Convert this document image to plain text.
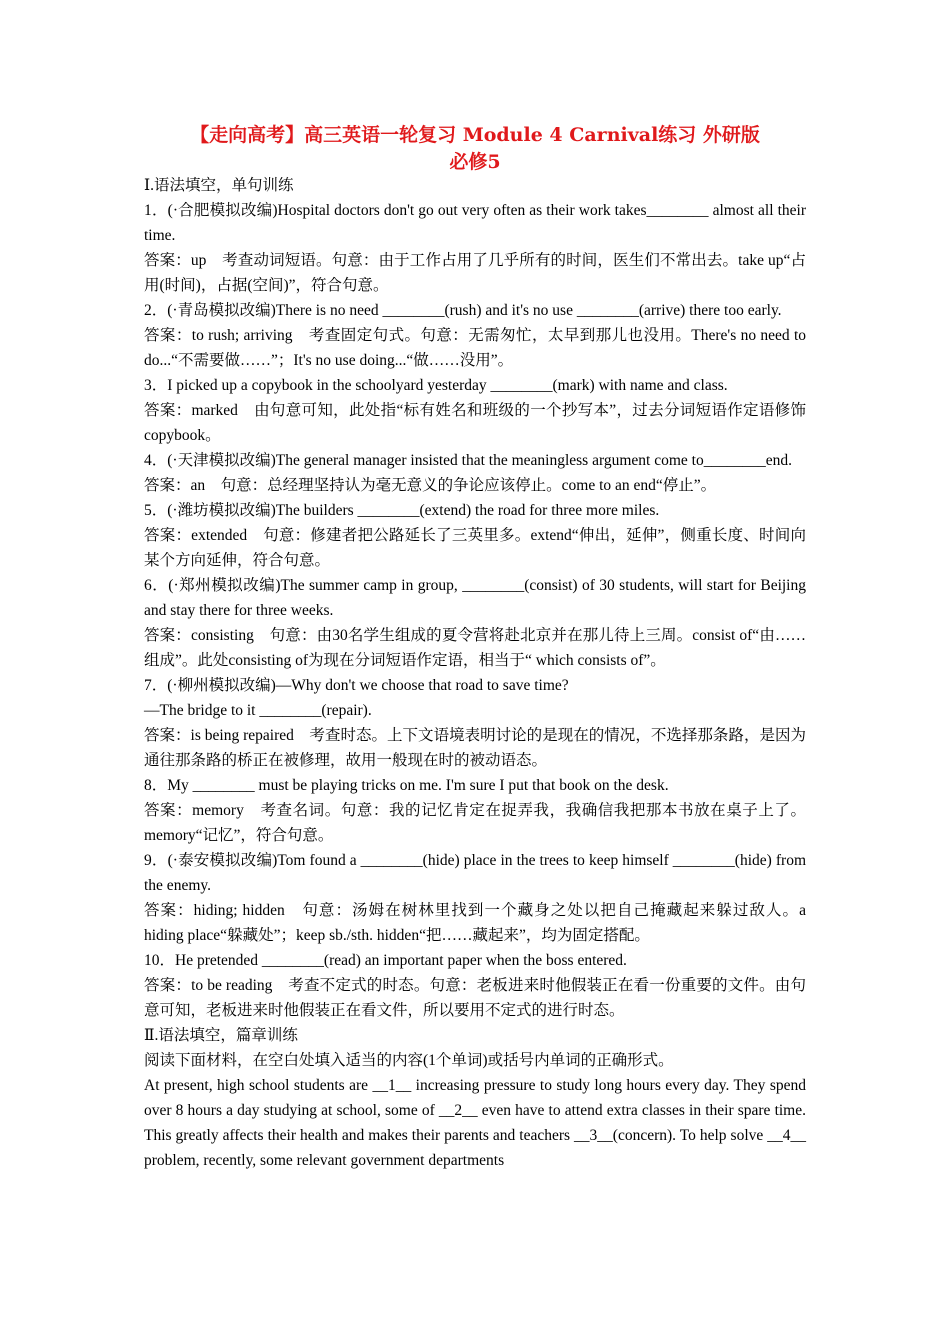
【走向高考】高三英语一轮复习 Module 4 Carnival练习 外研版
必修5

Ⅰ.语法填空，单句训练

1．(·合肥模拟改编)Hospital doctors don't go out very often as their work takes________ almost all their time.

答案：up　考查动词短语。句意：由于工作占用了几乎所有的时间，医生们不常出去。take up“占用(时间)，占据(空间)”，符合句意。

2．(·青岛模拟改编)There is no need ________(rush) and it's no use ________(arrive) there too early.

答案：to rush; arriving　考查固定句式。句意：无需匆忙，太早到那儿也没用。There's no need to do...“不需要做……”；It's no use doing...“做……没用”。

3．I picked up a copybook in the schoolyard yesterday ________(mark) with name and class.

答案：marked　由句意可知，此处指“标有姓名和班级的一个抄写本”，过去分词短语作定语修饰copybook。

4．(·天津模拟改编)The general manager insisted that the meaningless argument come to________end.

答案：an　句意：总经理坚持认为毫无意义的争论应该停止。come to an end“停止”。

5．(·潍坊模拟改编)The builders ________(extend) the road for three more miles.

答案：extended　句意：修建者把公路延长了三英里多。extend“伸出，延伸”，侧重长度、时间向某个方向延伸，符合句意。

6．(·郑州模拟改编)The summer camp in group, ________(consist) of 30 students, will start for Beijing and stay there for three weeks.

答案：consisting　句意：由30名学生组成的夏令营将赴北京并在那儿待上三周。consist of“由……组成”。此处consisting of为现在分词短语作定语，相当于“ which consists of”。

7．(·柳州模拟改编)—Why don't we choose that road to save time?
—The bridge to it ________(repair).

答案：is being repaired　考查时态。上下文语境表明讨论的是现在的情况，不选择那条路，是因为通往那条路的桥正在被修理，故用一般现在时的被动语态。

8．My ________ must be playing tricks on me. I'm sure I put that book on the desk.

答案：memory　考查名词。句意：我的记忆肯定在捉弄我，我确信我把那本书放在桌子上了。memory“记忆”，符合句意。

9．(·泰安模拟改编)Tom found a ________(hide) place in the trees to keep himself ________(hide) from the enemy.

答案：hiding; hidden　句意：汤姆在树林里找到一个藏身之处以把自己掩藏起来躲过敌人。a hiding place“躲藏处”；keep sb./sth. hidden“把……藏起来”，均为固定搭配。

10．He pretended ________(read) an important paper when the boss entered.

答案：to be reading　考查不定式的时态。句意：老板进来时他假装正在看一份重要的文件。由句意可知，老板进来时他假装正在看文件，所以要用不定式的进行时态。

Ⅱ.语法填空，篇章训练

阅读下面材料，在空白处填入适当的内容(1个单词)或括号内单词的正确形式。

At present, high school students are __1__ increasing pressure to study long hours every day. They spend over 8 hours a day studying at school, some of __2__ even have to attend extra classes in their spare time. This greatly affects their health and makes their parents and teachers __3__(concern). To help solve __4__ problem, recently, some relevant government departments
